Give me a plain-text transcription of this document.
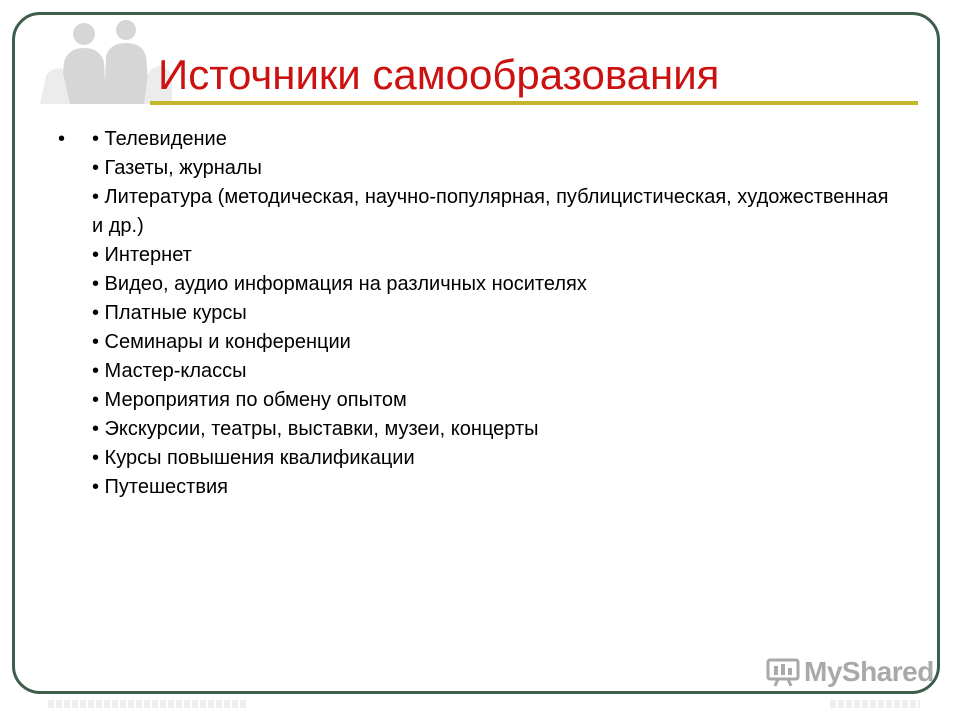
Источники самообразования
• • Телевидение
• Газеты, журналы
• Литература (методическая, научно-популярная, публицистическая, художественная и др.)
• Интернет
• Видео, аудио информация на различных носителях
• Платные курсы
• Семинары и конференции
• Мастер-классы
• Мероприятия по обмену опытом
• Экскурсии, театры, выставки, музеи, концерты
• Курсы повышения квалификации
• Путешествия
MyShared
